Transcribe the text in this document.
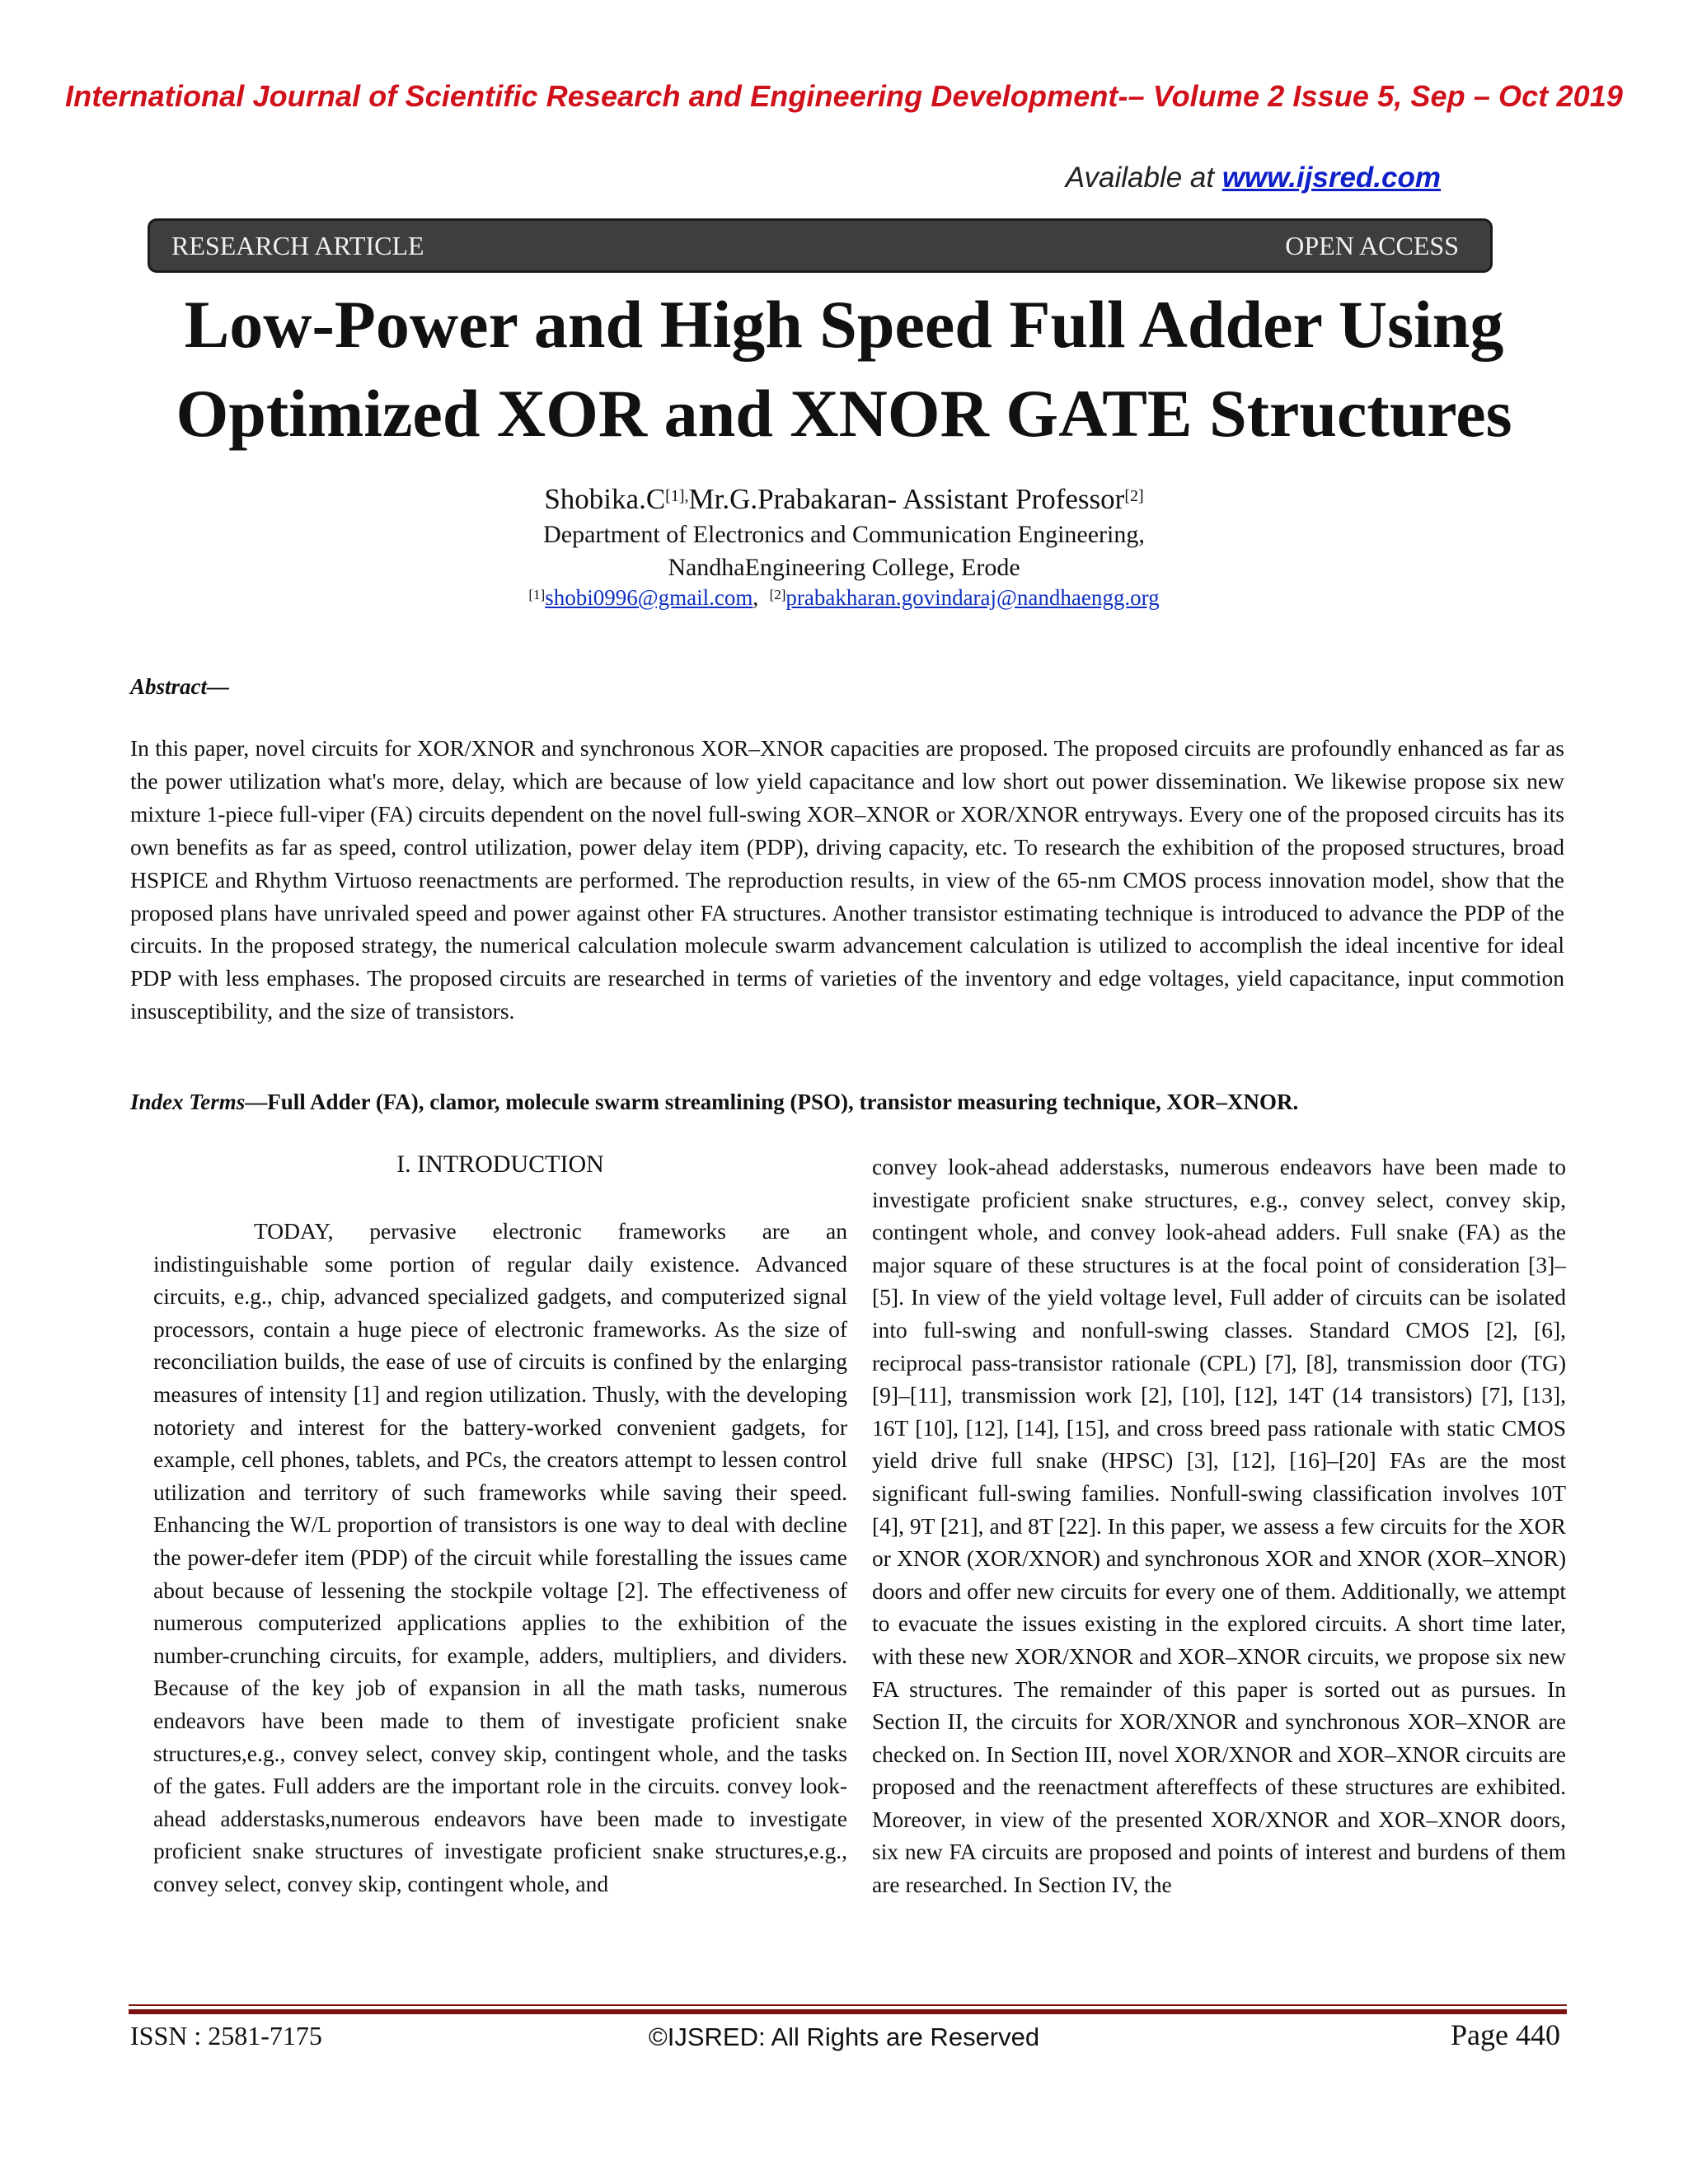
International Journal of Scientific Research and Engineering Development-– Volume 2 Issue 5, Sep – Oct 2019
Available at www.ijsred.com
RESEARCH ARTICLE	OPEN ACCESS
Low-Power and High Speed Full Adder Using
Optimized XOR and XNOR GATE Structures
$Shobika.C^{[1],}Mr.G.Prabakaran-$ Assistant Professor[2]
Department of Electronics and Communication Engineering,
NandhaEngineering College, Erode
[1]shobi0996@gmail.com,  [2]prabakharan.govindaraj@nandhaengg.org
Abstract—

In this paper, novel circuits for XOR/XNOR and synchronous XOR–XNOR capacities are proposed. The proposed circuits are profoundly enhanced as far as the power utilization what's more, delay, which are because of low yield capacitance and low short out power dissemination. We likewise propose six new mixture 1-piece full-viper (FA) circuits dependent on the novel full-swing XOR–XNOR or XOR/XNOR entryways. Every one of the proposed circuits has its own benefits as far as speed, control utilization, power delay item (PDP), driving capacity, etc. To research the exhibition of the proposed structures, broad HSPICE and Rhythm Virtuoso reenactments are performed. The reproduction results, in view of the 65-nm CMOS process innovation model, show that the proposed plans have unrivaled speed and power against other FA structures. Another transistor estimating technique is introduced to advance the PDP of the circuits. In the proposed strategy, the numerical calculation molecule swarm advancement calculation is utilized to accomplish the ideal incentive for ideal PDP with less emphases. The proposed circuits are researched in terms of varieties of the inventory and edge voltages, yield capacitance, input commotion insusceptibility, and the size of transistors.

Index Terms—Full Adder (FA), clamor, molecule swarm streamlining (PSO), transistor measuring technique, XOR–XNOR.
I. INTRODUCTION

TODAY, pervasive electronic frameworks are an indistinguishable some portion of regular daily existence. Advanced circuits, e.g., chip, advanced specialized gadgets, and computerized signal processors, contain a huge piece of electronic frameworks. As the size of reconciliation builds, the ease of use of circuits is confined by the enlarging measures of intensity [1] and region utilization. Thusly, with the developing notoriety and interest for the battery-worked convenient gadgets, for example, cell phones, tablets, and PCs, the creators attempt to lessen control utilization and territory of such frameworks while saving their speed. Enhancing the W/L proportion of transistors is one way to deal with decline the power-defer item (PDP) of the circuit while forestalling the issues came about because of lessening the stockpile voltage [2]. The effectiveness of numerous computerized applications applies to the exhibition of the number-crunching circuits, for example, adders, multipliers, and dividers. Because of the key job of expansion in all the math tasks, numerous endeavors have been made to them of investigate proficient snake structures,e.g., convey select, convey skip, contingent whole, and the tasks of the gates. Full adders are the important role in the circuits. convey look-ahead adderstasks,numerous endeavors have been made to investigate proficient snake structures of investigate proficient snake structures,e.g., convey select, convey skip, contingent whole, and

convey look-ahead adderstasks, numerous endeavors have been made to investigate proficient snake structures, e.g., convey select, convey skip, contingent whole, and convey look-ahead adders. Full snake (FA) as the major square of these structures is at the focal point of consideration [3]–[5]. In view of the yield voltage level, Full adder of circuits can be isolated into full-swing and nonfull-swing classes. Standard CMOS [2], [6], reciprocal pass-transistor rationale (CPL) [7], [8], transmission door (TG) [9]–[11], transmission work [2], [10], [12], 14T (14 transistors) [7], [13], 16T [10], [12], [14], [15], and cross breed pass rationale with static CMOS yield drive full snake (HPSC) [3], [12], [16]–[20] FAs are the most significant full-swing families. Nonfull-swing classification involves 10T [4], 9T [21], and 8T [22]. In this paper, we assess a few circuits for the XOR or XNOR (XOR/XNOR) and synchronous XOR and XNOR (XOR–XNOR) doors and offer new circuits for every one of them. Additionally, we attempt to evacuate the issues existing in the explored circuits. A short time later, with these new XOR/XNOR and XOR–XNOR circuits, we propose six new FA structures. The remainder of this paper is sorted out as pursues. In Section II, the circuits for XOR/XNOR and synchronous XOR–XNOR are checked on. In Section III, novel XOR/XNOR and XOR–XNOR circuits are proposed and the reenactment aftereffects of these structures are exhibited. Moreover, in view of the presented XOR/XNOR and XOR–XNOR doors, six new FA circuits are proposed and points of interest and burdens of them are researched. In Section IV, the

ISSN : 2581-7175	©IJSRED: All Rights are Reserved	Page 440
